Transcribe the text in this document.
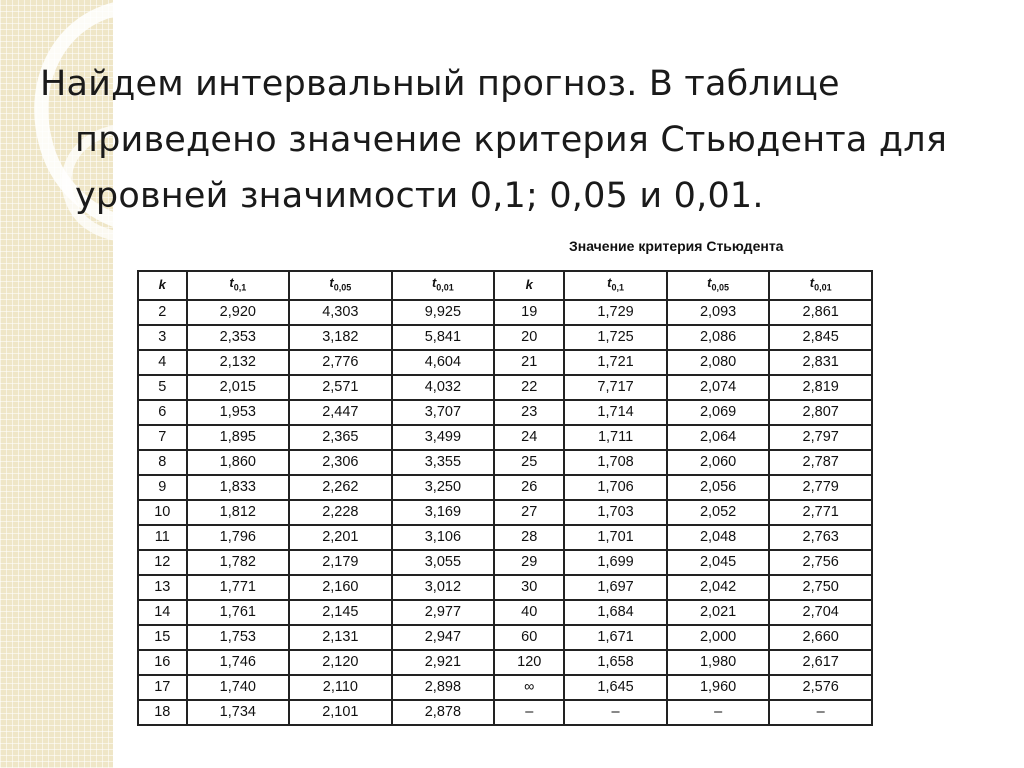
Найдем интервальный прогноз. В таблице
приведено значение критерия Стьюдента для
уровней значимости 0,1; 0,05 и 0,01.
Значение критерия Стьюдента
k	$t_{0,1}$	$t_{0,05}$	$t_{0,01}$	k	$t_{0,1}$	$t_{0,05}$	$t_{0,01}$
2	2,920	4,303	9,925	19	1,729	2,093	2,861
3	2,353	3,182	5,841	20	1,725	2,086	2,845
4	2,132	2,776	4,604	21	1,721	2,080	2,831
5	2,015	2,571	4,032	22	7,717	2,074	2,819
6	1,953	2,447	3,707	23	1,714	2,069	2,807
7	1,895	2,365	3,499	24	1,711	2,064	2,797
8	1,860	2,306	3,355	25	1,708	2,060	2,787
9	1,833	2,262	3,250	26	1,706	2,056	2,779
10	1,812	2,228	3,169	27	1,703	2,052	2,771
11	1,796	2,201	3,106	28	1,701	2,048	2,763
12	1,782	2,179	3,055	29	1,699	2,045	2,756
13	1,771	2,160	3,012	30	1,697	2,042	2,750
14	1,761	2,145	2,977	40	1,684	2,021	2,704
15	1,753	2,131	2,947	60	1,671	2,000	2,660
16	1,746	2,120	2,921	120	1,658	1,980	2,617
17	1,740	2,110	2,898	∞	1,645	1,960	2,576
18	1,734	2,101	2,878	–	–	–	–
